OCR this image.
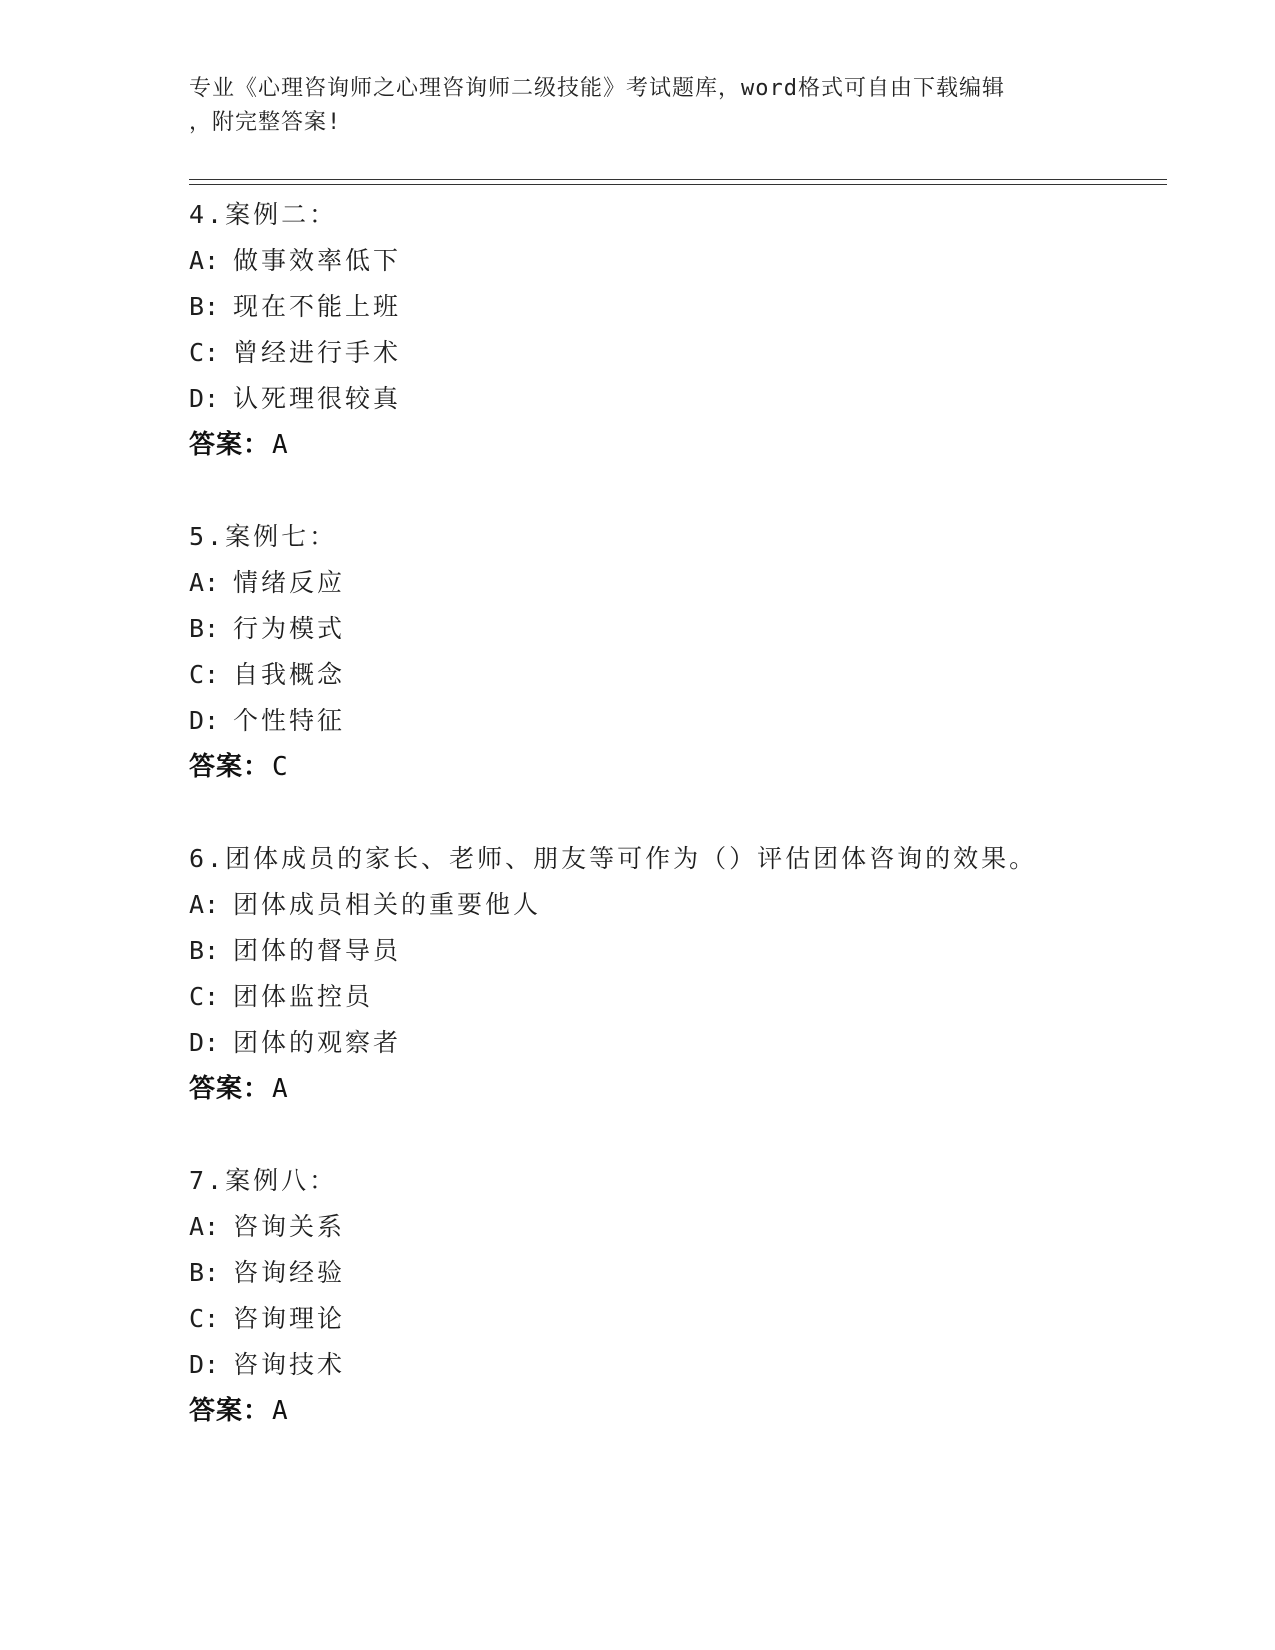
专业《心理咨询师之心理咨询师二级技能》考试题库，word格式可自由下载编辑
，附完整答案!
4.案例二：
A: 做事效率低下
B: 现在不能上班
C: 曾经进行手术
D: 认死理很较真
答案：A
5.案例七：
A: 情绪反应
B: 行为模式
C: 自我概念
D: 个性特征
答案：C
6.团体成员的家长、老师、朋友等可作为（）评估团体咨询的效果。
A: 团体成员相关的重要他人
B: 团体的督导员
C: 团体监控员
D: 团体的观察者
答案：A
7.案例八：
A: 咨询关系
B: 咨询经验
C: 咨询理论
D: 咨询技术
答案：A
